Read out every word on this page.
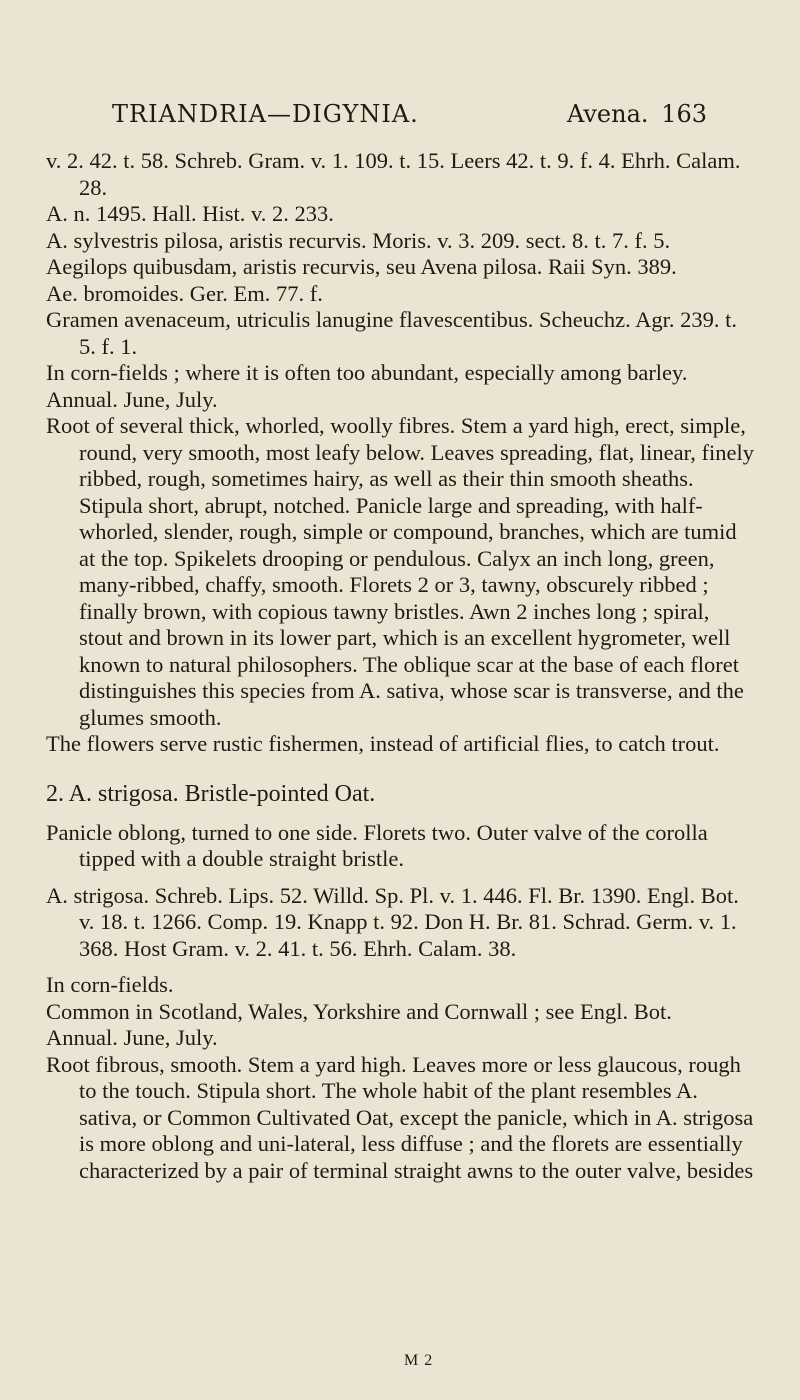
TRIANDRIA—DIGYNIA.	Avena. 163

v. 2. 42. t. 58. Schreb. Gram. v. 1. 109. t. 15. Leers 42. t. 9. f. 4. Ehrh. Calam. 28.

A. n. 1495. Hall. Hist. v. 2. 233.

A. sylvestris pilosa, aristis recurvis. Moris. v. 3. 209. sect. 8. t. 7. f. 5.

Aegilops quibusdam, aristis recurvis, seu Avena pilosa. Raii Syn. 389.

Ae. bromoides. Ger. Em. 77. f.

Gramen avenaceum, utriculis lanugine flavescentibus. Scheuchz. Agr. 239. t. 5. f. 1.

In corn-fields ; where it is often too abundant, especially among barley.

Annual. June, July.

Root of several thick, whorled, woolly fibres. Stem a yard high, erect, simple, round, very smooth, most leafy below. Leaves spreading, flat, linear, finely ribbed, rough, sometimes hairy, as well as their thin smooth sheaths. Stipula short, abrupt, notched. Panicle large and spreading, with half-whorled, slender, rough, simple or compound, branches, which are tumid at the top. Spikelets drooping or pendulous. Calyx an inch long, green, many-ribbed, chaffy, smooth. Florets 2 or 3, tawny, obscurely ribbed ; finally brown, with copious tawny bristles. Awn 2 inches long ; spiral, stout and brown in its lower part, which is an excellent hygrometer, well known to natural philosophers. The oblique scar at the base of each floret distinguishes this species from A. sativa, whose scar is transverse, and the glumes smooth.

The flowers serve rustic fishermen, instead of artificial flies, to catch trout.

2. A. strigosa. Bristle-pointed Oat.

Panicle oblong, turned to one side. Florets two. Outer valve of the corolla tipped with a double straight bristle.

A. strigosa. Schreb. Lips. 52. Willd. Sp. Pl. v. 1. 446. Fl. Br. 1390. Engl. Bot. v. 18. t. 1266. Comp. 19. Knapp t. 92. Don H. Br. 81. Schrad. Germ. v. 1. 368. Host Gram. v. 2. 41. t. 56. Ehrh. Calam. 38.

In corn-fields.

Common in Scotland, Wales, Yorkshire and Cornwall ; see Engl. Bot.

Annual. June, July.

Root fibrous, smooth. Stem a yard high. Leaves more or less glaucous, rough to the touch. Stipula short. The whole habit of the plant resembles A. sativa, or Common Cultivated Oat, except the panicle, which in A. strigosa is more oblong and uni-lateral, less diffuse ; and the florets are essentially characterized by a pair of terminal straight awns to the outer valve, besides

M 2
